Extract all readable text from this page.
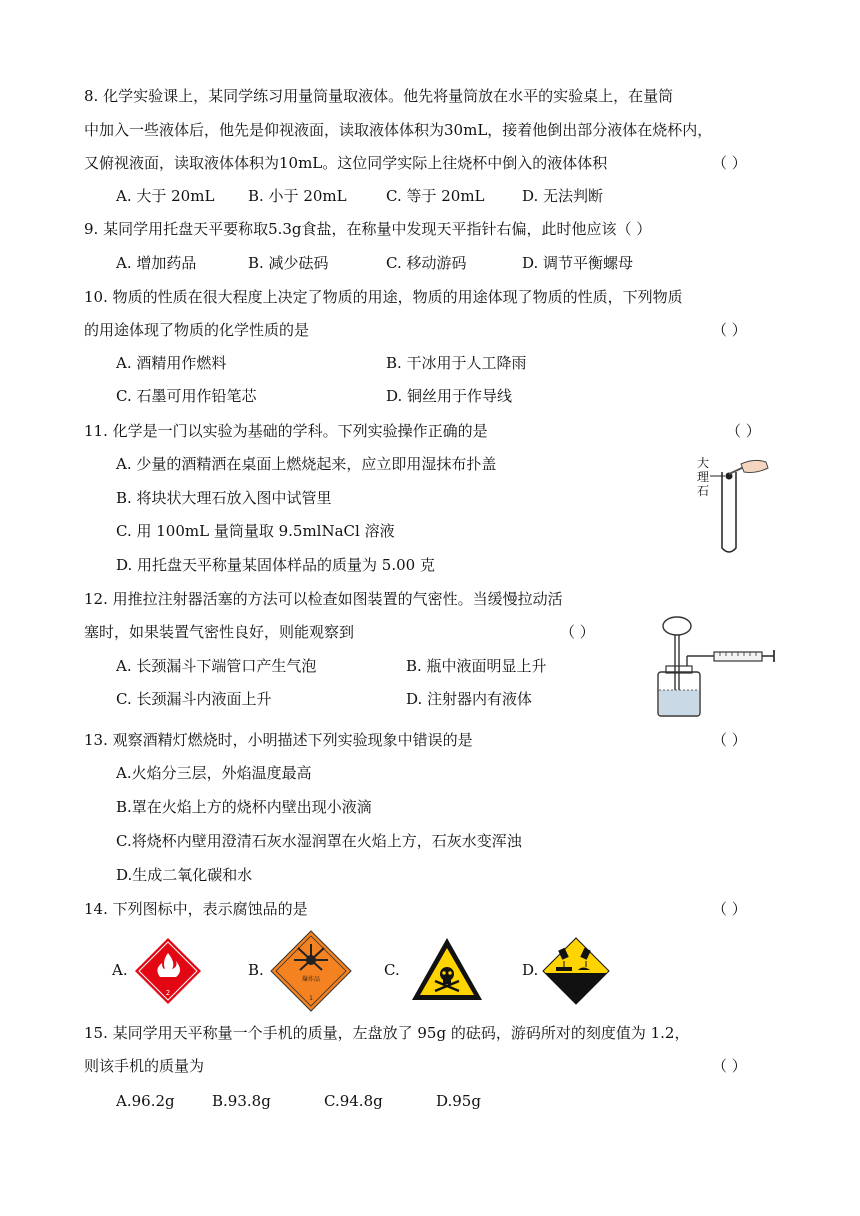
8. 化学实验课上，某同学练习用量筒量取液体。他先将量筒放在水平的实验桌上，在量筒
中加入一些液体后，他先是仰视液面，读取液体体积为30mL，接着他倒出部分液体在烧杯内，
又俯视液面，读取液体体积为10mL。这位同学实际上往烧杯中倒入的液体体积	（ ）
A. 大于 20mL B. 小于 20mL	C. 等于 20mL D. 无法判断
9. 某同学用托盘天平要称取5.3g食盐，在称量中发现天平指针右偏，此时他应该（ ）
A. 增加药品	B. 减少砝码	C. 移动游码	D. 调节平衡螺母
10. 物质的性质在很大程度上决定了物质的用途，物质的用途体现了物质的性质，下列物质
的用途体现了物质的化学性质的是	（ ）
A. 酒精用作燃料	B. 干冰用于人工降雨
C. 石墨可用作铅笔芯	D. 铜丝用于作导线
11. 化学是一门以实验为基础的学科。下列实验操作正确的是	（ ）
A. 少量的酒精洒在桌面上燃烧起来，应立即用湿抹布扑盖
B. 将块状大理石放入图中试管里
C. 用 100mL 量筒量取 9.5mlNaCl 溶液
D. 用托盘天平称量某固体样品的质量为 5.00 克
大
理
石
12. 用推拉注射器活塞的方法可以检查如图装置的气密性。当缓慢拉动活
塞时，如果装置气密性良好，则能观察到	（ ）
A. 长颈漏斗下端管口产生气泡	B. 瓶中液面明显上升
C. 长颈漏斗内液面上升	D. 注射器内有液体
13. 观察酒精灯燃烧时，小明描述下列实验现象中错误的是	（ ）
A.火焰分三层，外焰温度最高
B.罩在火焰上方的烧杯内壁出现小液滴
C.将烧杯内壁用澄清石灰水湿润罩在火焰上方，石灰水变浑浊
D.生成二氧化碳和水
14. 下列图标中，表示腐蚀品的是	（ ）
A.
2
B.
爆炸品
1
C.	D.
15. 某同学用天平称量一个手机的质量，左盘放了 95g 的砝码，游码所对的刻度值为 1.2，
则该手机的质量为	（ ）
A.96.2g B.93.8g	C.94.8g	D.95g
